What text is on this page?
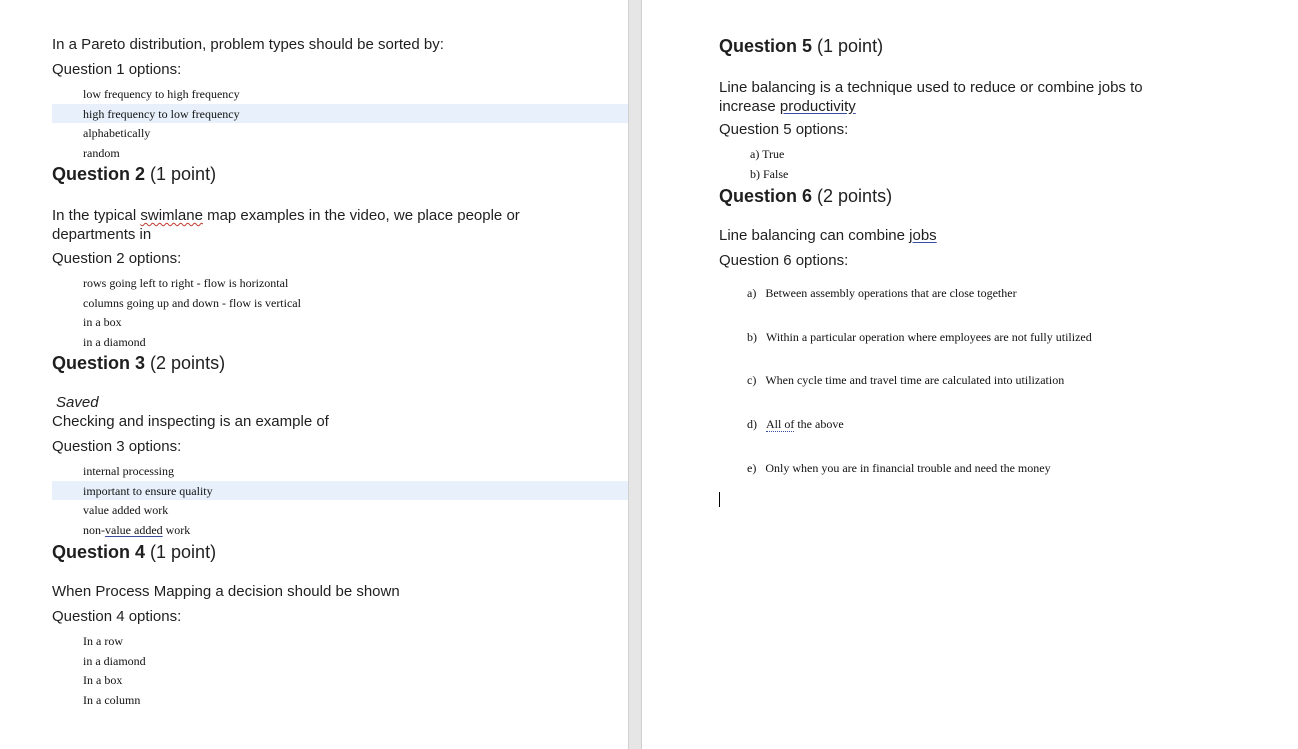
In a Pareto distribution, problem types should be sorted by:
Question 1 options:
low frequency to high frequency
high frequency to low frequency
alphabetically
random
Question 2 (1 point)
In the typical swimlane map examples in the video, we place people or
departments in
Question 2 options:
rows going left to right - flow is horizontal
columns going up and down - flow is vertical
in a box
in a diamond
Question 3 (2 points)
Saved
Checking and inspecting is an example of
Question 3 options:
internal processing
important to ensure quality
value added work
non-value added work
Question 4 (1 point)
When Process Mapping a decision should be shown
Question 4 options:
In a row
in a diamond
In a box
In a column
Question 5 (1 point)
Line balancing is a technique used to reduce or combine jobs to
increase productivity
Question 5 options:
a) True
b) False
Question 6 (2 points)
Line balancing can combine jobs
Question 6 options:
a) Between assembly operations that are close together
b) Within a particular operation where employees are not fully utilized
c) When cycle time and travel time are calculated into utilization
d) All of the above
e) Only when you are in financial trouble and need the money
